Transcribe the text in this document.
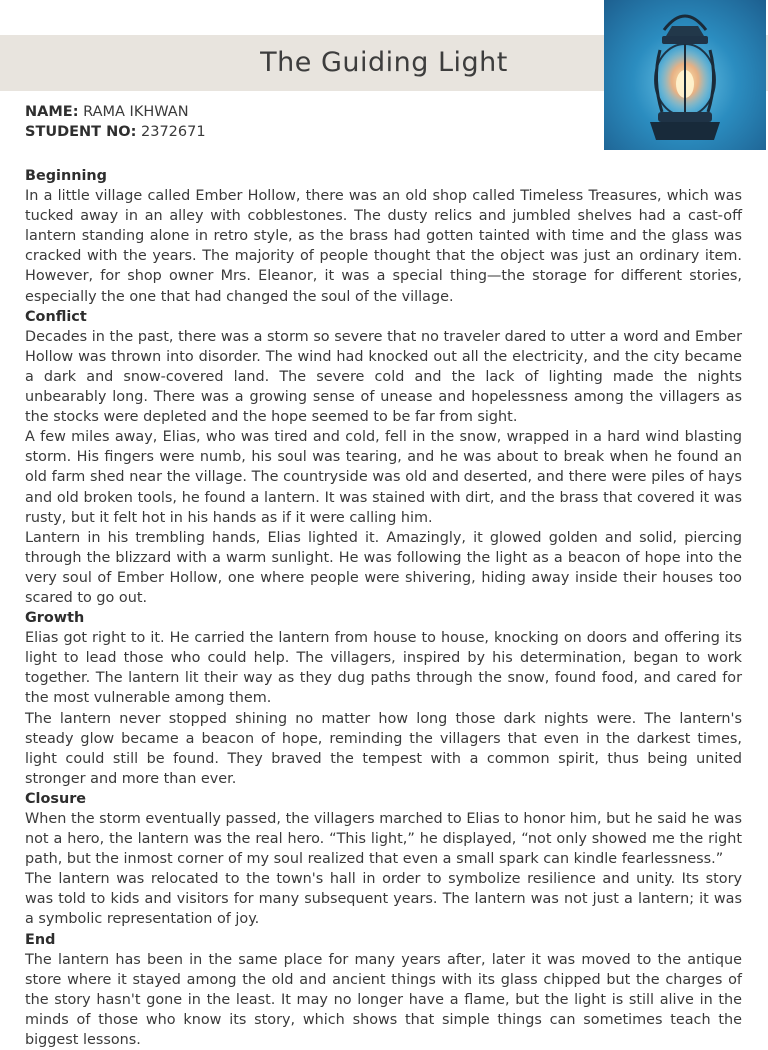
The Guiding Light
NAME: RAMA IKHWAN
STUDENT NO: 2372671
Beginning

In a little village called Ember Hollow, there was an old shop called Timeless Treasures, which was tucked away in an alley with cobblestones. The dusty relics and jumbled shelves had a cast-off lantern standing alone in retro style, as the brass had gotten tainted with time and the glass was cracked with the years. The majority of people thought that the object was just an ordinary item. However, for shop owner Mrs. Eleanor, it was a special thing—the storage for different stories, especially the one that had changed the soul of the village.

Conflict

Decades in the past, there was a storm so severe that no traveler dared to utter a word and Ember Hollow was thrown into disorder. The wind had knocked out all the electricity, and the city became a dark and snow-covered land. The severe cold and the lack of lighting made the nights unbearably long. There was a growing sense of unease and hopelessness among the villagers as the stocks were depleted and the hope seemed to be far from sight.

A few miles away, Elias, who was tired and cold, fell in the snow, wrapped in a hard wind blasting storm. His fingers were numb, his soul was tearing, and he was about to break when he found an old farm shed near the village. The countryside was old and deserted, and there were piles of hays and old broken tools, he found a lantern. It was stained with dirt, and the brass that covered it was rusty, but it felt hot in his hands as if it were calling him.

Lantern in his trembling hands, Elias lighted it. Amazingly, it glowed golden and solid, piercing through the blizzard with a warm sunlight. He was following the light as a beacon of hope into the very soul of Ember Hollow, one where people were shivering, hiding away inside their houses too scared to go out.

Growth

Elias got right to it. He carried the lantern from house to house, knocking on doors and offering its light to lead those who could help. The villagers, inspired by his determination, began to work together. The lantern lit their way as they dug paths through the snow, found food, and cared for the most vulnerable among them.

The lantern never stopped shining no matter how long those dark nights were. The lantern's steady glow became a beacon of hope, reminding the villagers that even in the darkest times, light could still be found. They braved the tempest with a common spirit, thus being united stronger and more than ever.

Closure

When the storm eventually passed, the villagers marched to Elias to honor him, but he said he was not a hero, the lantern was the real hero. “This light,” he displayed, “not only showed me the right path, but the inmost corner of my soul realized that even a small spark can kindle fearlessness.”

The lantern was relocated to the town's hall in order to symbolize resilience and unity. Its story was told to kids and visitors for many subsequent years. The lantern was not just a lantern; it was a symbolic representation of joy.

End

The lantern has been in the same place for many years after, later it was moved to the antique store where it stayed among the old and ancient things with its glass chipped but the charges of the story hasn't gone in the least. It may no longer have a flame, but the light is still alive in the minds of those who know its story, which shows that simple things can sometimes teach the biggest lessons.
